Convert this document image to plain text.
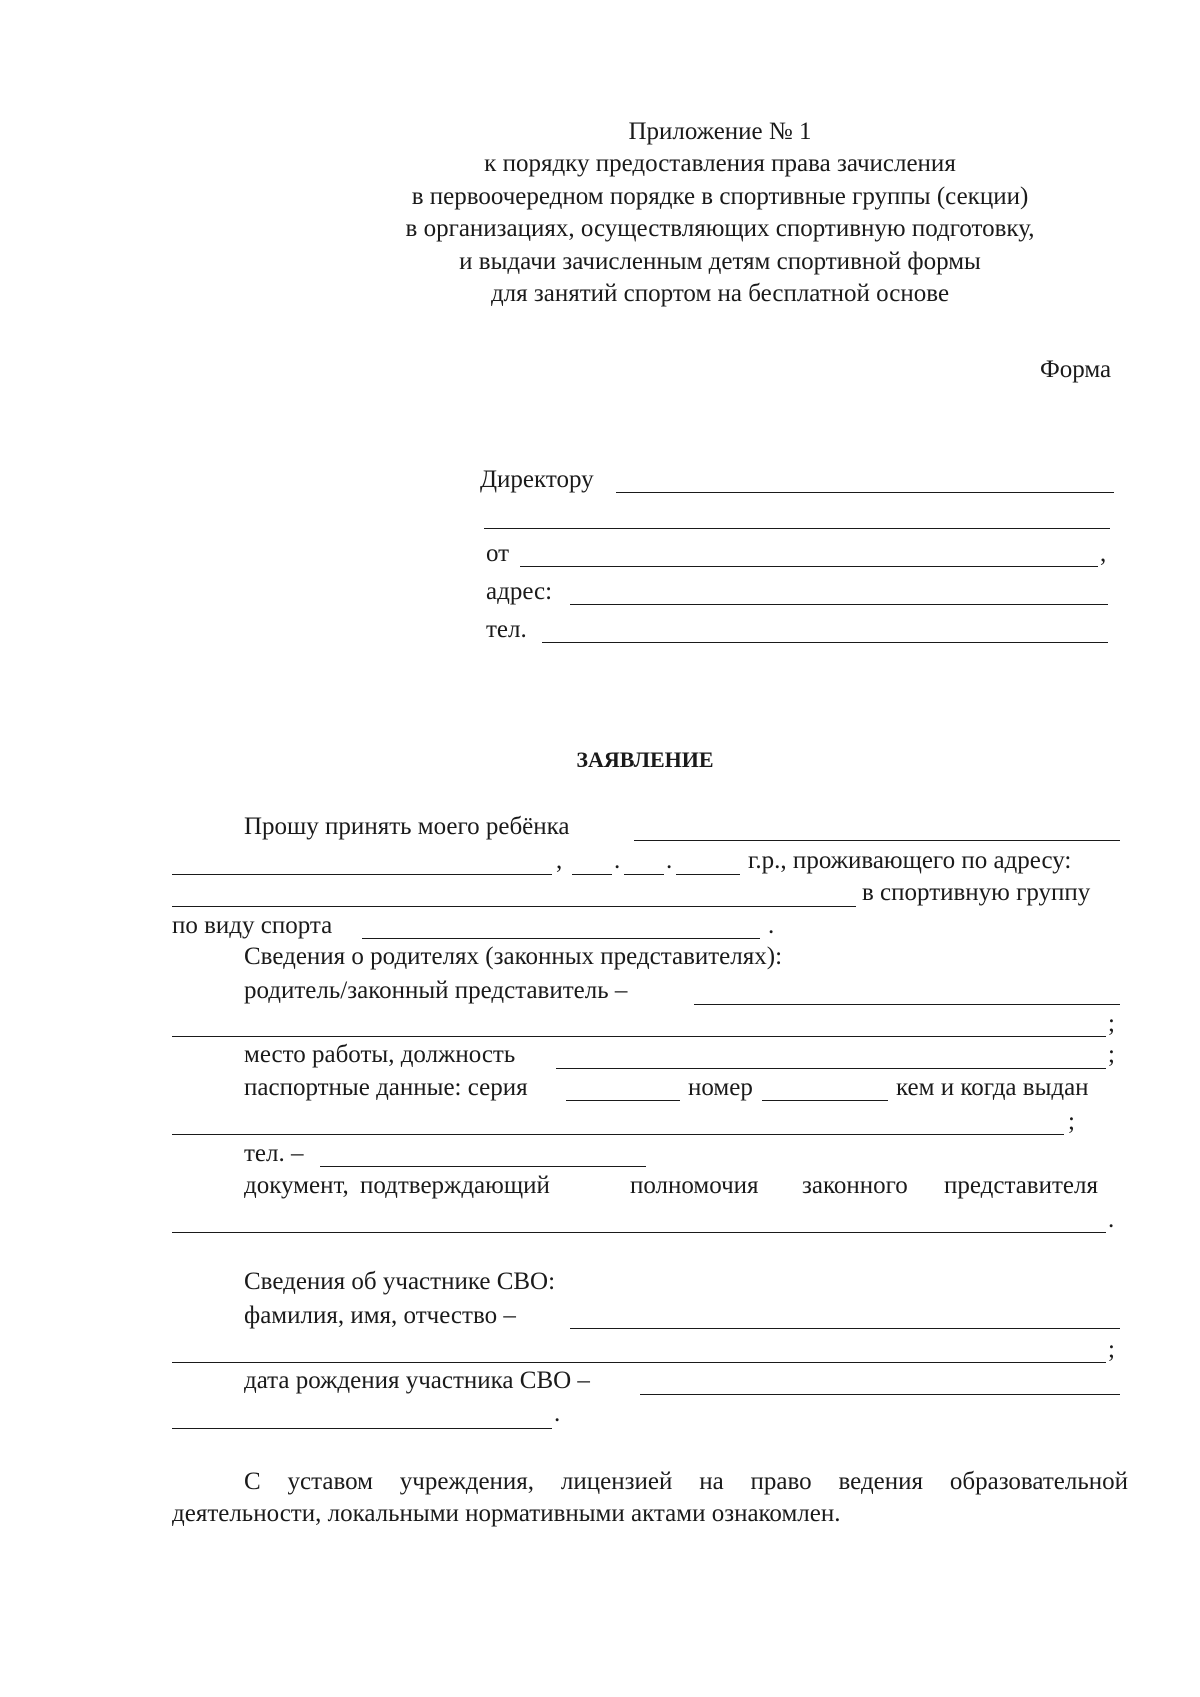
Приложение № 1
к порядку предоставления права зачисления
в первоочередном порядке в спортивные группы (секции)
в организациях, осуществляющих спортивную подготовку,
и выдачи зачисленным детям спортивной формы
для занятий спортом на бесплатной основе
Форма
Директору
от	,
адрес:
тел.
ЗАЯВЛЕНИЕ
Прошу принять моего ребёнка
, . .	г.р., проживающего по адресу:
в спортивную группу
по виду спорта	.
Сведения о родителях (законных представителях):
родитель/законный представитель –
;
место работы, должность	;
паспортные данные: серия	номер	кем и когда выдан
;
тел. –
документ, подтверждающий	полномочия законного представителя
.
Сведения об участнике СВО:
фамилия, имя, отчество –
;
дата рождения участника СВО –
.
С уставом учреждения, лицензией на право ведения образовательной деятельности, локальными нормативными актами ознакомлен.
